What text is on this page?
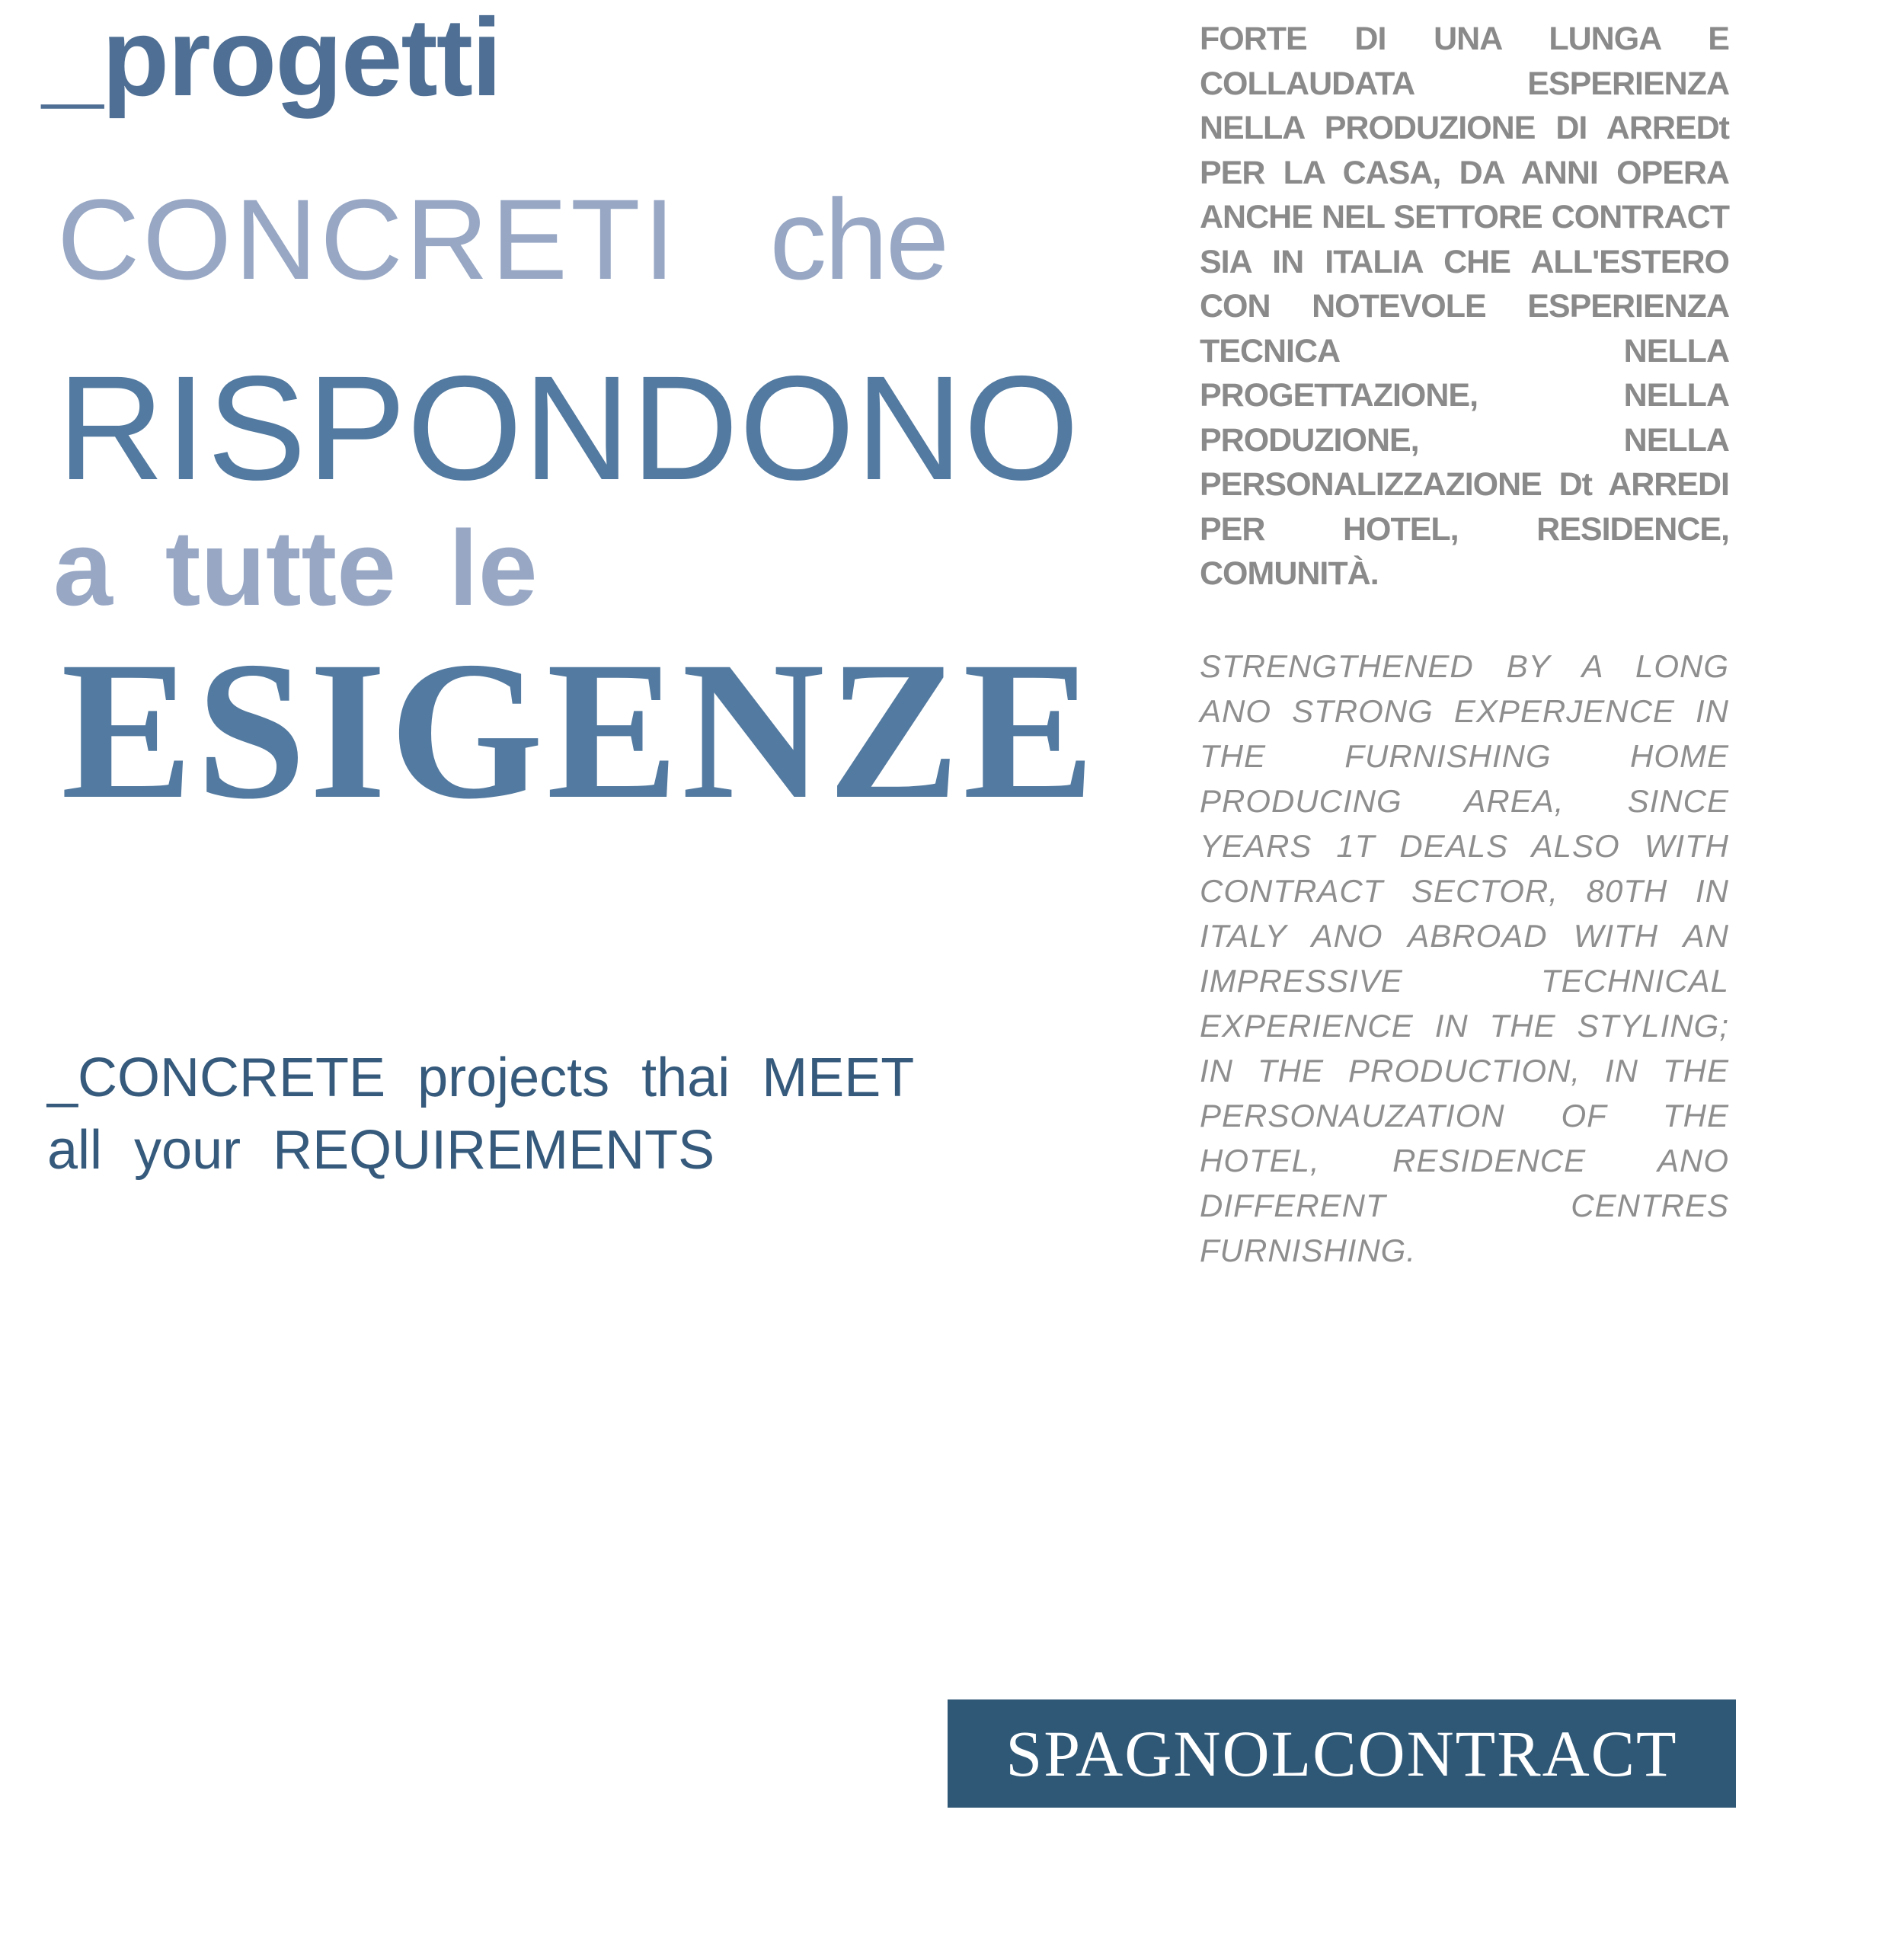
_progetti
CONCRETI che
RISPONDONO
a tutte le
ESIGENZE
_CONCRETE projects thai MEET
all your REQUIREMENTS
FORTE DI UNA LUNGA E COLLAUDATA ESPERIENZA NELLA PRODUZIONE DI ARREDt PER LA CASA, DA ANNI OPERA ANCHE NEL SETTORE CONTRACT SIA IN ITALIA CHE ALL'ESTERO CON NOTEVOLE ESPERIENZA TECNICA NELLA PROGETTAZIONE, NELLA PRODUZIONE, NELLA PERSONALIZZAZIONE Dt ARREDI PER HOTEL, RESIDENCE, COMUNITÀ.
STRENGTHENED BY A LONG ANO STRONG EXPERJENCE IN THE FURNISHING HOME PRODUCING AREA, SINCE YEARS 1T DEALS ALSO WITH CONTRACT SECTOR, 80TH IN ITALY ANO ABROAD WITH AN IMPRESSIVE TECHNICAL EXPERIENCE IN THE STYLING; IN THE PRODUCTION, IN THE PERSONAUZATION OF THE HOTEL, RESIDENCE ANO DIFFERENT CENTRES FURNISHING.
SPAGNOLCONTRACT
